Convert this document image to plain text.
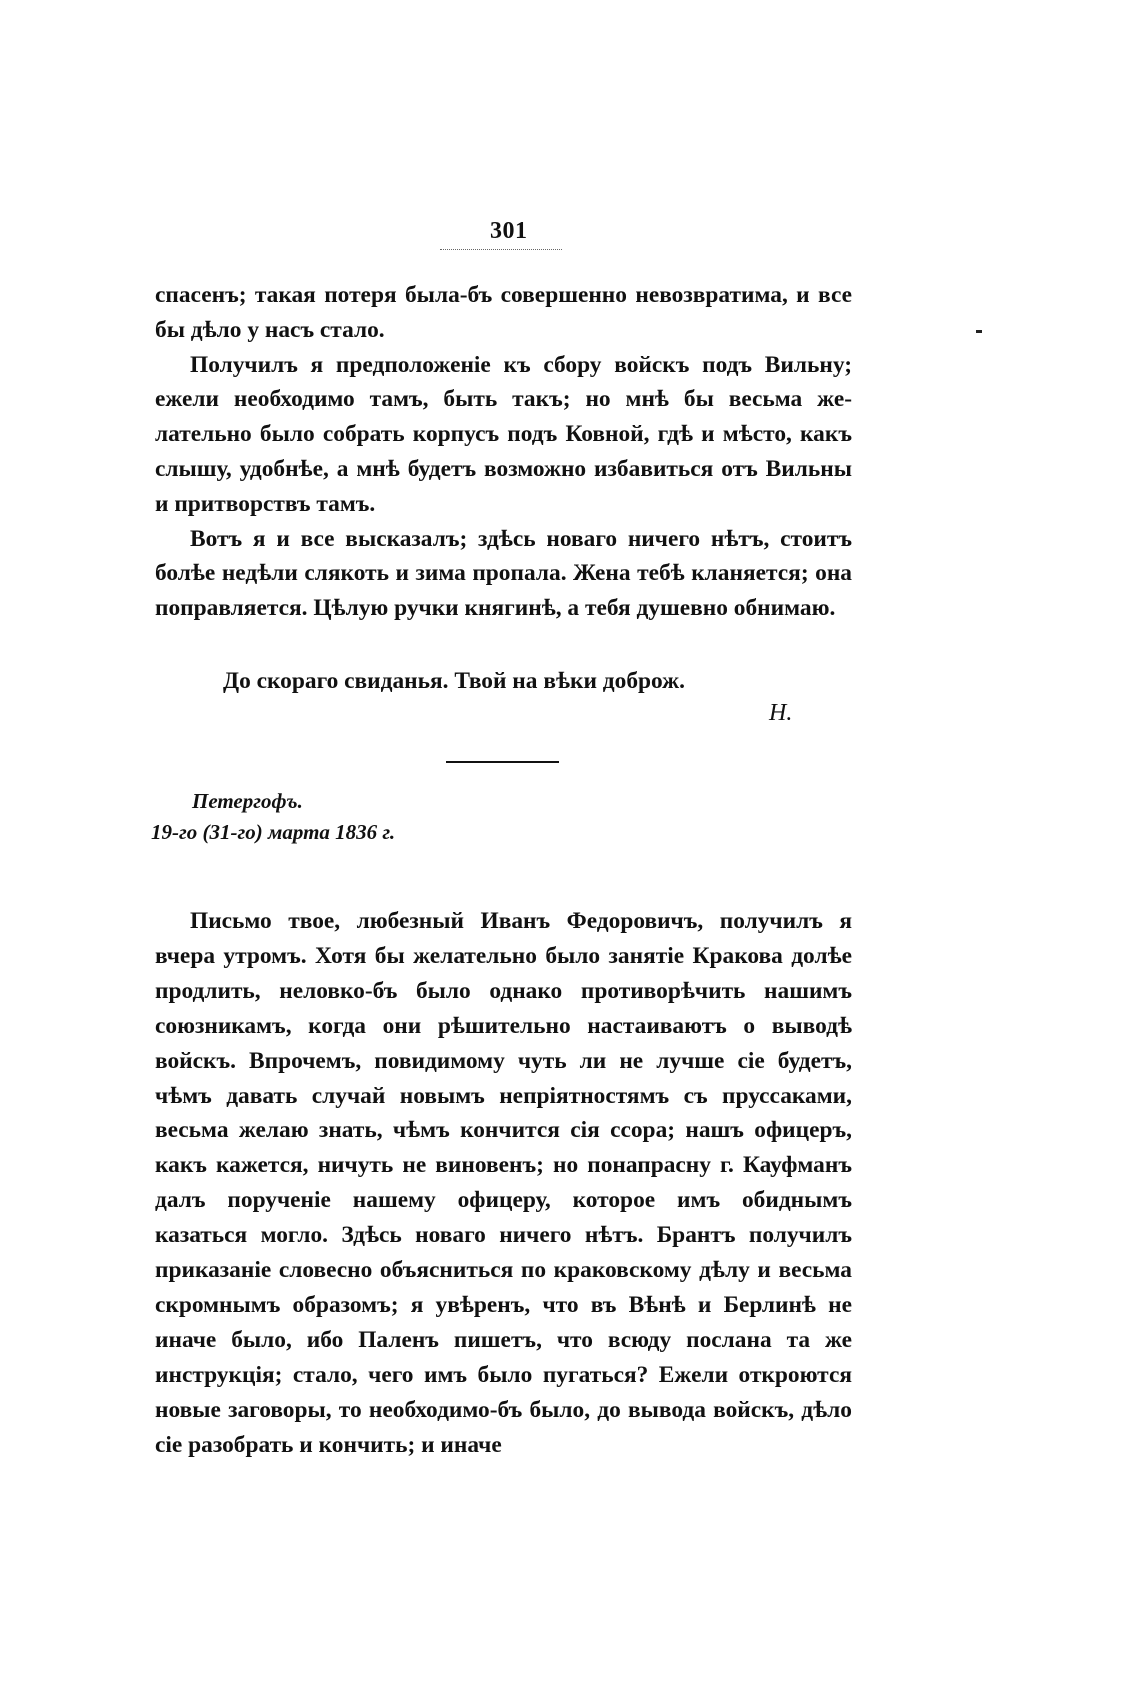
301

спасенъ; такая потеря была-бъ совершенно невозвратима, и все бы дѣло у насъ стало.

Получилъ я предположеніе къ сбору войскъ подъ Вильну; ежели необходимо тамъ, быть такъ; но мнѣ бы весьма желательно было собрать корпусъ подъ Ковной, гдѣ и мѣсто, какъ слышу, удобнѣе, а мнѣ будетъ возможно избавиться отъ Вильны и притворствъ тамъ.

Вотъ я и все высказалъ; здѣсь новаго ничего нѣтъ, стоитъ болѣе недѣли слякоть и зима пропала. Жена тебѣ кланяется; она поправляется. Цѣлую ручки княгинѣ, а тебя душевно обнимаю.

До скораго свиданья. Твой на вѣки доброж.
Н.
Петергофъ.
19-го (31-го) марта 1836 г.

Письмо твое, любезный Иванъ Федоровичъ, получилъ я вчера утромъ. Хотя бы желательно было занятіе Кракова долѣе продлить, неловко-бъ было однако противорѣчить нашимъ союзникамъ, когда они рѣшительно настаиваютъ о выводѣ войскъ. Впрочемъ, повидимому чуть ли не лучше сіе будетъ, чѣмъ давать случай новымъ непріятностямъ съ пруссаками, весьма желаю знать, чѣмъ кончится сія ссора; нашъ офицеръ, какъ кажется, ничуть не виновенъ; но понапрасну г. Кауфманъ далъ порученіе нашему офицеру, которое имъ обиднымъ казаться могло. Здѣсь новаго ничего нѣтъ. Брантъ получилъ приказаніе словесно объясниться по краковскому дѣлу и весьма скромнымъ образомъ; я увѣренъ, что въ Вѣнѣ и Берлинѣ не иначе было, ибо Паленъ пишетъ, что всюду послана та же инструкція; стало, чего имъ было пугаться? Ежели откроются новые заговоры, то необходимо-бъ было, до вывода войскъ, дѣло сіе разобрать и кончить; и иначе
